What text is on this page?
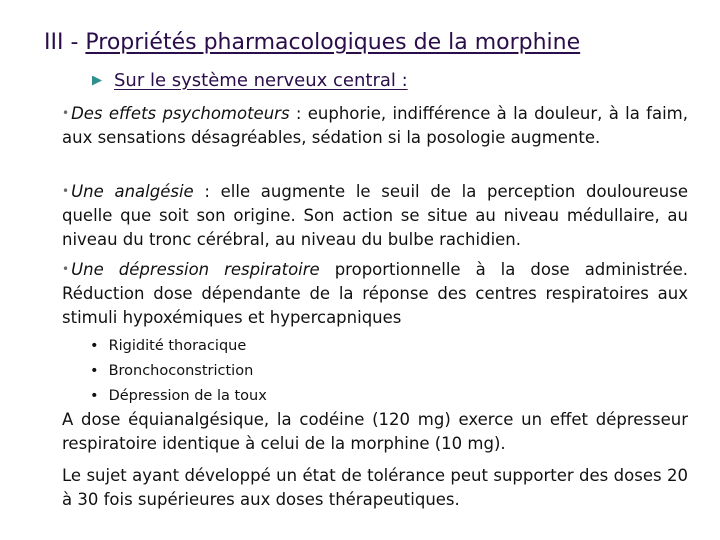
III - Propriétés pharmacologiques de la morphine
Sur le système nerveux central :
• Des effets psychomoteurs : euphorie, indifférence à la douleur, à la faim, aux sensations désagréables, sédation si la posologie augmente.
• Une analgésie : elle augmente le seuil de la perception douloureuse quelle que soit son origine. Son action se situe au niveau médullaire, au niveau du tronc cérébral, au niveau du bulbe rachidien.
• Une dépression respiratoire proportionnelle à la dose administrée. Réduction dose dépendante de la réponse des centres respiratoires aux stimuli hypoxémiques et hypercapniques
• Rigidité thoracique
• Bronchoconstriction
• Dépression de la toux
A dose équianalgésique, la codéine (120 mg) exerce un effet dépresseur respiratoire identique à celui de la morphine (10 mg).
Le sujet ayant développé un état de tolérance peut supporter des doses 20 à 30 fois supérieures aux doses thérapeutiques.
